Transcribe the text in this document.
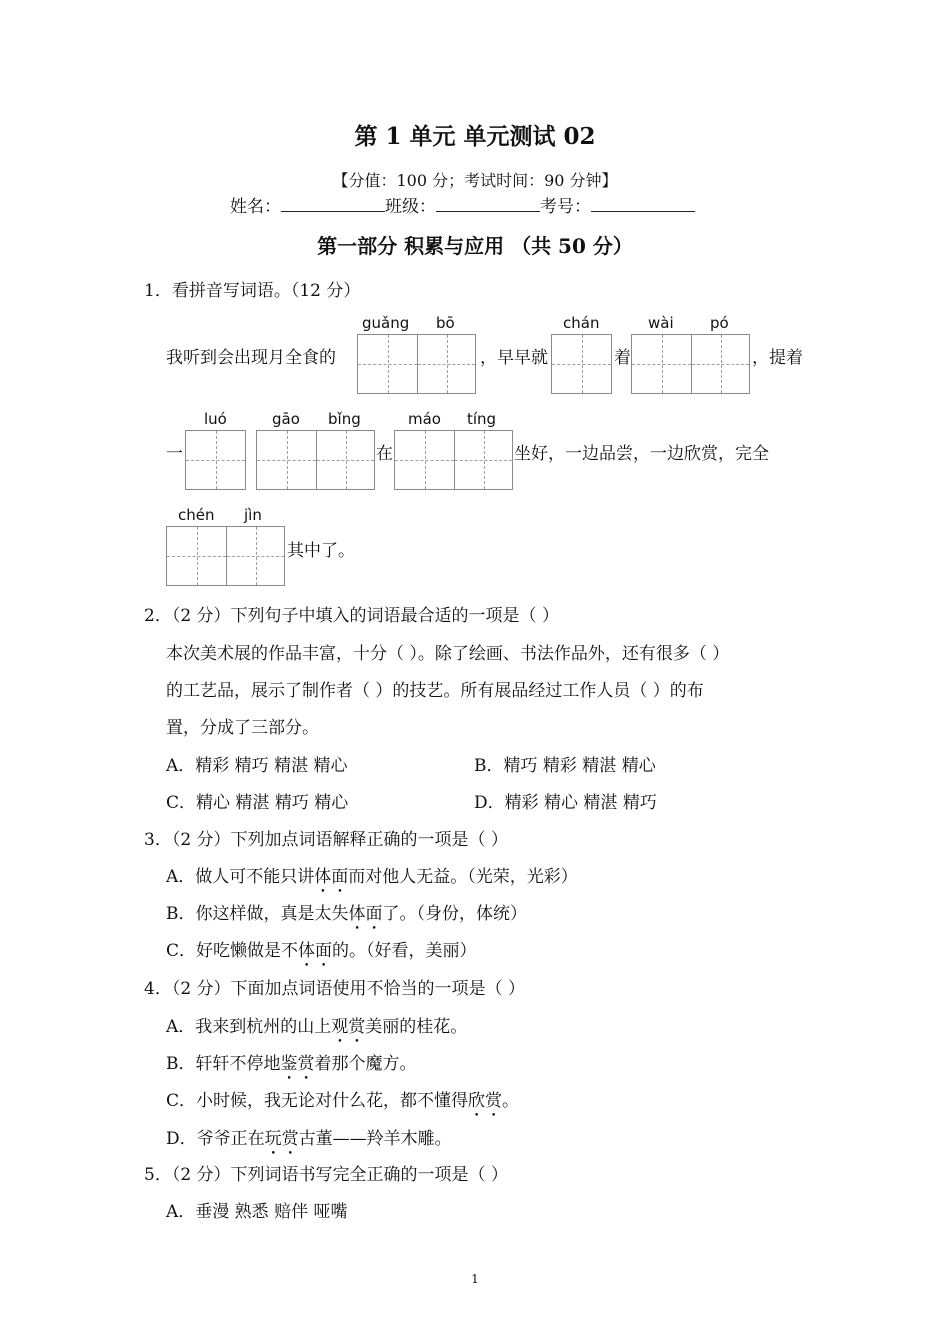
第 1 单元 单元测试 02
【分值：100 分；考试时间：90 分钟】
姓名：	班级：	考号：
第一部分 积累与应用 （共 50 分）
1．看拼音写词语。（12 分）
我听到会出现月全食的
guǎng bō
，早早就
chán
着
wài pó
，提着
一
luó	gāo bǐng
在
máo tíng
坐好，一边品尝，一边欣赏，完全
chén jìn
其中了。
2．（2 分）下列句子中填入的词语最合适的一项是（ ）
本次美术展的作品丰富，十分（ ）。除了绘画、书法作品外，还有很多（ ）
的工艺品，展示了制作者（ ）的技艺。所有展品经过工作人员（ ）的布
置，分成了三部分。
A．精彩 精巧 精湛 精心	B．精巧 精彩 精湛 精心
C．精心 精湛 精巧 精心	D．精彩 精心 精湛 精巧
3．（2 分）下列加点词语解释正确的一项是（ ）
A．做人可不能只讲体面而对他人无益。（光荣，光彩）
B．你这样做，真是太失体面了。（身份，体统）
C．好吃懒做是不体面的。（好看，美丽）
4．（2 分）下面加点词语使用不恰当的一项是（ ）
A．我来到杭州的山上观赏美丽的桂花。
B．轩轩不停地鉴赏着那个魔方。
C．小时候，我无论对什么花，都不懂得欣赏。
D．爷爷正在玩赏古董——羚羊木雕。
5．（2 分）下列词语书写完全正确的一项是（ ）
A．垂漫 熟悉 赔伴 哑嘴
1
